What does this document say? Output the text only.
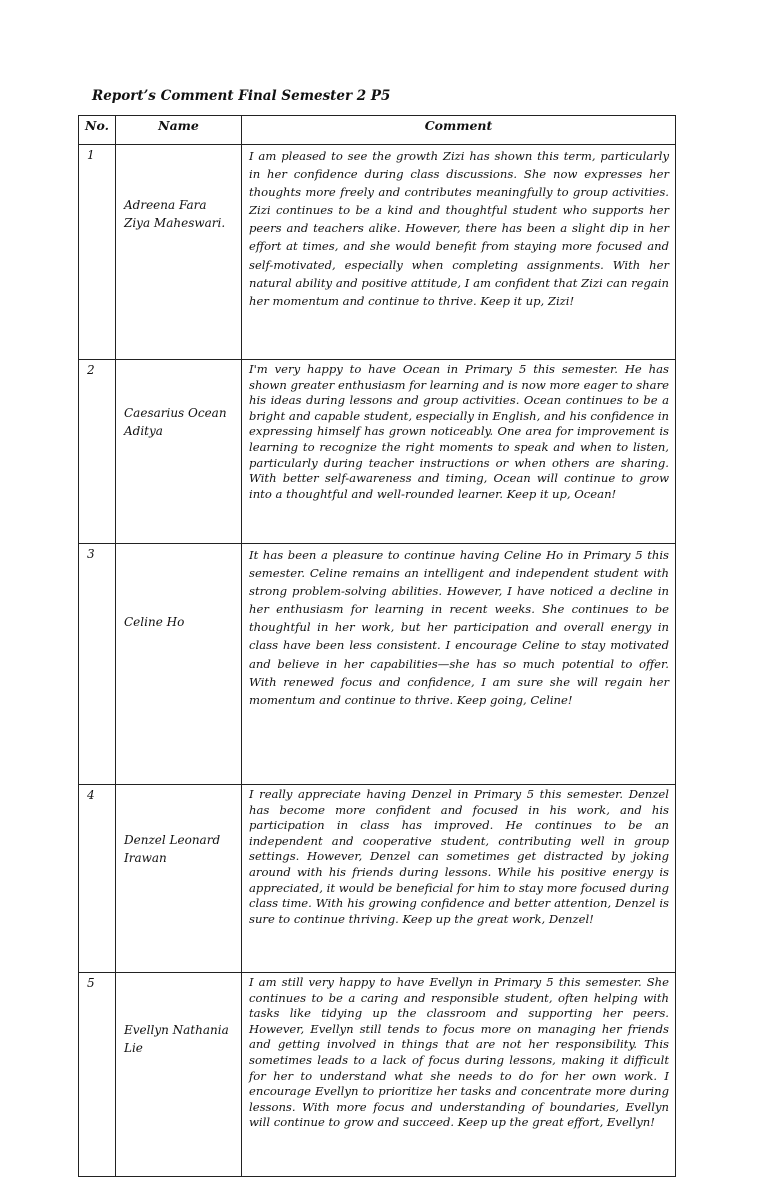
Report’s Comment Final Semester 2 P5
No.	Name	Comment
1	Adreena Fara Ziya Maheswari.	I am pleased to see the growth Zizi has shown this term, particularly in her confidence during class discussions. She now expresses her thoughts more freely and contributes meaningfully to group activities. Zizi continues to be a kind and thoughtful student who supports her peers and teachers alike. However, there has been a slight dip in her effort at times, and she would benefit from staying more focused and self-motivated, especially when completing assignments. With her natural ability and positive attitude, I am confident that Zizi can regain her momentum and continue to thrive. Keep it up, Zizi!
2	Caesarius Ocean Aditya	I'm very happy to have Ocean in Primary 5 this semester. He has shown greater enthusiasm for learning and is now more eager to share his ideas during lessons and group activities. Ocean continues to be a bright and capable student, especially in English, and his confidence in expressing himself has grown noticeably. One area for improvement is learning to recognize the right moments to speak and when to listen, particularly during teacher instructions or when others are sharing. With better self-awareness and timing, Ocean will continue to grow into a thoughtful and well-rounded learner. Keep it up, Ocean!
3	Celine Ho	It has been a pleasure to continue having Celine Ho in Primary 5 this semester. Celine remains an intelligent and independent student with strong problem-solving abilities. However, I have noticed a decline in her enthusiasm for learning in recent weeks. She continues to be thoughtful in her work, but her participation and overall energy in class have been less consistent. I encourage Celine to stay motivated and believe in her capabilities—she has so much potential to offer. With renewed focus and confidence, I am sure she will regain her momentum and continue to thrive. Keep going, Celine!
4	Denzel Leonard Irawan	I really appreciate having Denzel in Primary 5 this semester. Denzel has become more confident and focused in his work, and his participation in class has improved. He continues to be an independent and cooperative student, contributing well in group settings. However, Denzel can sometimes get distracted by joking around with his friends during lessons. While his positive energy is appreciated, it would be beneficial for him to stay more focused during class time. With his growing confidence and better attention, Denzel is sure to continue thriving. Keep up the great work, Denzel!
5	Evellyn Nathania Lie	I am still very happy to have Evellyn in Primary 5 this semester. She continues to be a caring and responsible student, often helping with tasks like tidying up the classroom and supporting her peers. However, Evellyn still tends to focus more on managing her friends and getting involved in things that are not her responsibility. This sometimes leads to a lack of focus during lessons, making it difficult for her to understand what she needs to do for her own work. I encourage Evellyn to prioritize her tasks and concentrate more during lessons. With more focus and understanding of boundaries, Evellyn will continue to grow and succeed. Keep up the great effort, Evellyn!
